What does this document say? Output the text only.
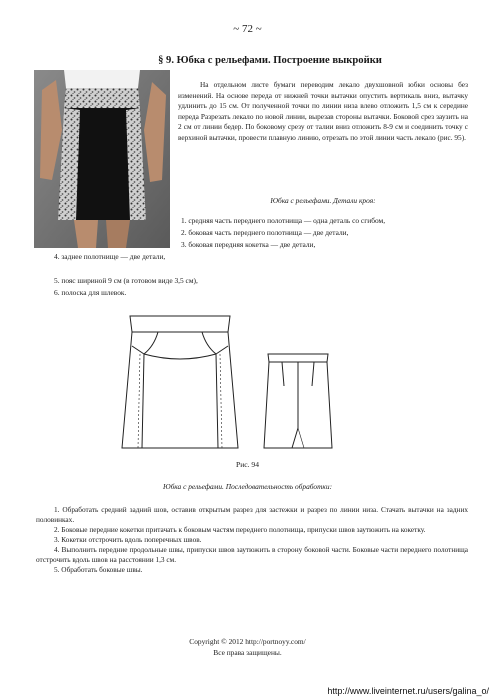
~ 72 ~
§ 9. Юбка с рельефами. Построение выкройки
На отдельном листе бумаги переводим лекало двухшовной юбки основы без изменений. На основе переда от нижней точки вытачки опустить вертикаль вниз, вытачку удлинить до 15 см. От полученной точки по линии низа влево отложить 1,5 см к середине переда Разрезать лекало по новой линии, вырезав стороны вытачки. Боковой срез заузить на 2 см от линии бедер. По боковому срезу от талии вниз отложить 8-9 см и соединить точку с верхиной вытачки, провести плавную линию, отрезать по этой линии часть лекало (рис. 95).
Юбка с рельефами. Детали кроя:
1. средняя часть переднего полотнища — одна деталь со сгибом,
2. боковая часть переднего полотнища — две детали,
3. боковая передняя кокетка — две детали,
4. заднее полотнище — две детали,
5. пояс шириной 9 см (в готовом виде 3,5 см),
6. полоска для шлевок.
Рис. 94
Юбка с рельефами. Последовательность обработки:

1. Обработать средний задний шов, оставив открытым разрез для застежки и разрез по линии низа. Стачать вытачки на задних половинках.

2. Боковые передние кокетки притачать к боковым частям переднего полотнища, припуски швов заутюжить на кокетку.

3. Кокетки отстрочить вдоль поперечных швов.

4. Выполнить передние продольные швы, припуски швов заутюжить в сторону боковой части. Боковые части переднего полотнища отстрочить вдоль швов на расстоянии 1,3 см.

5. Обработать боковые швы.

Copyright © 2012 http://portnoyy.com/
Все права защищены.
http://www.liveinternet.ru/users/galina_o/
